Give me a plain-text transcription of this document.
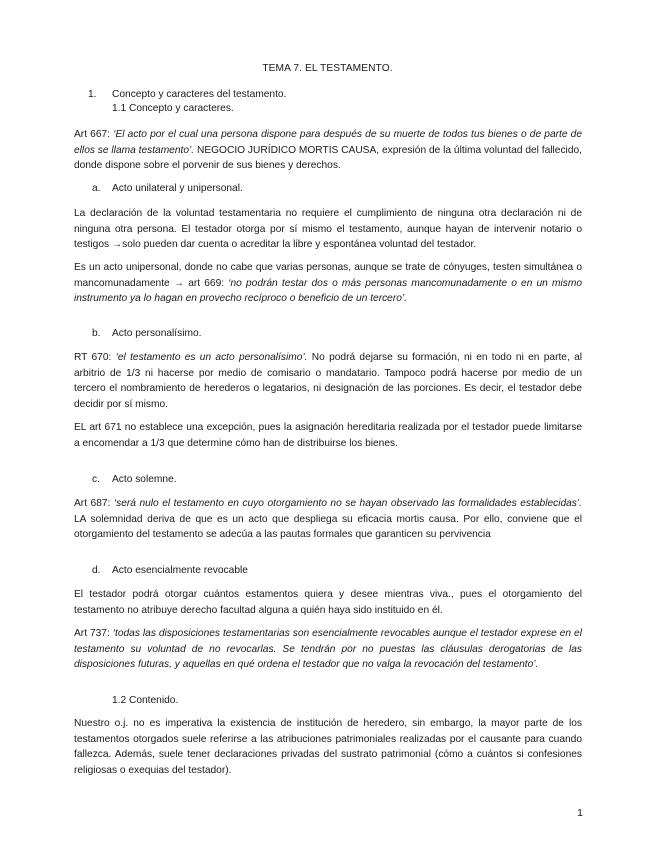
TEMA 7. EL TESTAMENTO.
1. Concepto y caracteres del testamento.
1.1 Concepto y caracteres.
Art 667: ‘El acto por el cual una persona dispone para después de su muerte de todos tus bienes o de parte de ellos se llama testamento’. NEGOCIO JURÍDICO MORTIS CAUSA, expresión de la última voluntad del fallecido, donde dispone sobre el porvenir de sus bienes y derechos.
a. Acto unilateral y unipersonal.
La declaración de la voluntad testamentaria no requiere el cumplimiento de ninguna otra declaración ni de ninguna otra persona. El testador otorga por sí mismo el testamento, aunque hayan de intervenir notario o testigos →solo pueden dar cuenta o acreditar la libre y espontánea voluntad del testador.
Es un acto unipersonal, donde no cabe que varias personas, aunque se trate de cónyuges, testen simultánea o mancomunadamente → art 669: ‘no podrán testar dos o más personas mancomunadamente o en un mismo instrumento ya lo hagan en provecho recíproco o beneficio de un tercero’.
b. Acto personalísimo.
RT 670: ‘el testamento es un acto personalísimo’. No podrá dejarse su formación, ni en todo ni en parte, al arbitrio de 1/3 ni hacerse por medio de comisario o mandatario. Tampoco podrá hacerse por medio de un tercero el nombramiento de herederos o legatarios, ni designación de las porciones. Es decir, el testador debe decidir por sí mismo.
EL art 671 no establece una excepción, pues la asignación hereditaria realizada por el testador puede limitarse a encomendar a 1/3 que determine cómo han de distribuirse los bienes.
c. Acto solemne.
Art 687: ‘será nulo el testamento en cuyo otorgamiento no se hayan observado las formalidades establecidas’. LA solemnidad deriva de que es un acto que despliega su eficacia mortis causa. Por ello, conviene que el otorgamiento del testamento se adecúa a las pautas formales que garanticen su pervivencia
d. Acto esencialmente revocable
El testador podrá otorgar cuántos estamentos quiera y desee mientras viva., pues el otorgamiento del testamento no atribuye derecho facultad alguna a quién haya sido instituido en él.
Art 737: ‘todas las disposiciones testamentarias son esencialmente revocables aunque el testador exprese en el testamento su voluntad de no revocarlas. Se tendrán por no puestas las cláusulas derogatorias de las disposiciones futuras, y aquellas en qué ordena el testador que no valga la revocación del testamento’.
1.2 Contenido.
Nuestro o.j. no es imperativa la existencia de institución de heredero, sin embargo, la mayor parte de los testamentos otorgados suele referirse a las atribuciones patrimoniales realizadas por el causante para cuando fallezca. Además, suele tener declaraciones privadas del sustrato patrimonial (cómo a cuántos si confesiones religiosas o exequias del testador).
1
